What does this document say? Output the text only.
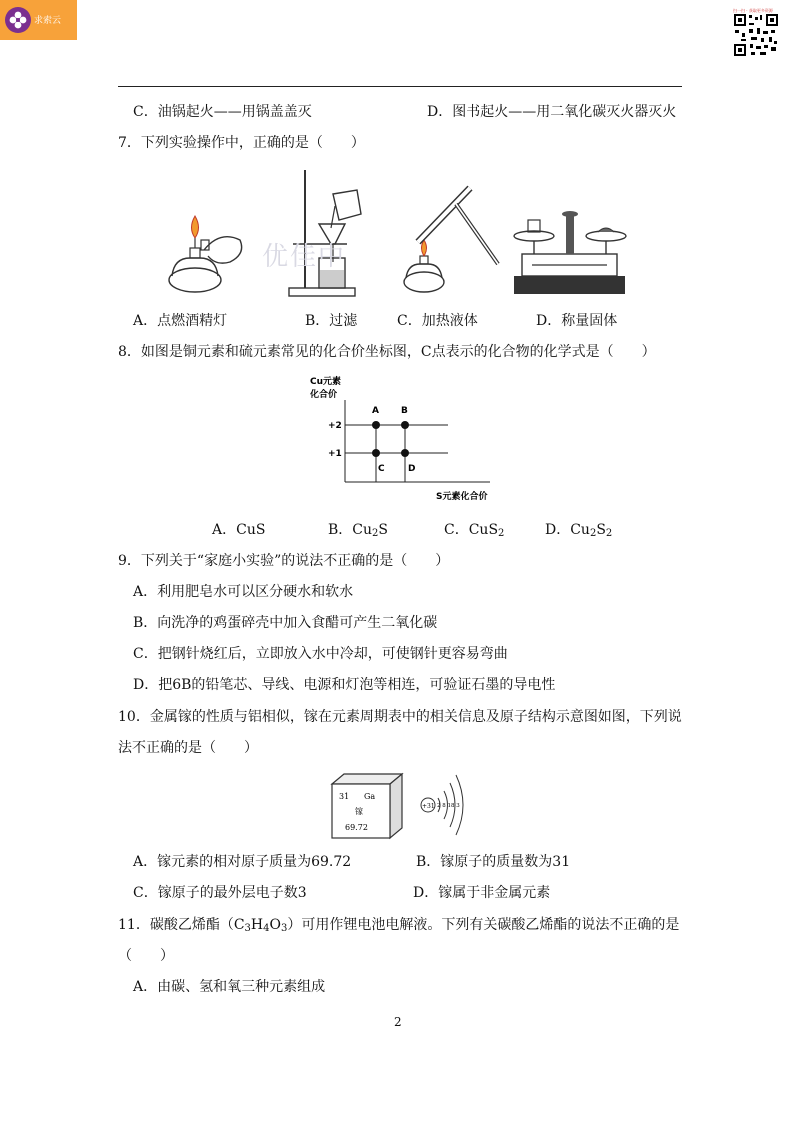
求索云
扫一扫 · 获取更多资源
C．油锅起火——用锅盖盖灭	D．图书起火——用二氧化碳灭火器灭火
7．下列实验操作中，正确的是（　　）
优佳中
A．点燃酒精灯	B．过滤	C．加热液体	D．称量固体
8．如图是铜元素和硫元素常见的化合价坐标图，C点表示的化合物的化学式是（　　）
Cu元素
化合价
+2
+1
A B
C	D
S元素化合价
A．CuS	B．$Cu_2S$	C．CuS$_2$	D．$Cu_2S_2$
9．下列关于“家庭小实验”的说法不正确的是（　　）
A．利用肥皂水可以区分硬水和软水
B．向洗净的鸡蛋碎壳中加入食醋可产生二氧化碳
C．把钢针烧红后，立即放入水中冷却，可使钢针更容易弯曲
D．把6B的铅笔芯、导线、电源和灯泡等相连，可验证石墨的导电性
10．金属镓的性质与铝相似，镓在元素周期表中的相关信息及原子结构示意图如图，下列说
法不正确的是（　　）
31 Ga
镓
69.72
+31 2 8 18 3
A．镓元素的相对原子质量为69.72	B．镓原子的质量数为31
C．镓原子的最外层电子数3	D．镓属于非金属元素
11．碳酸乙烯酯$(C_3H_4O_3)$可用作锂电池电解液。下列有关碳酸乙烯酯的说法不正确的是
（　　）
A．由碳、氢和氧三种元素组成
2
